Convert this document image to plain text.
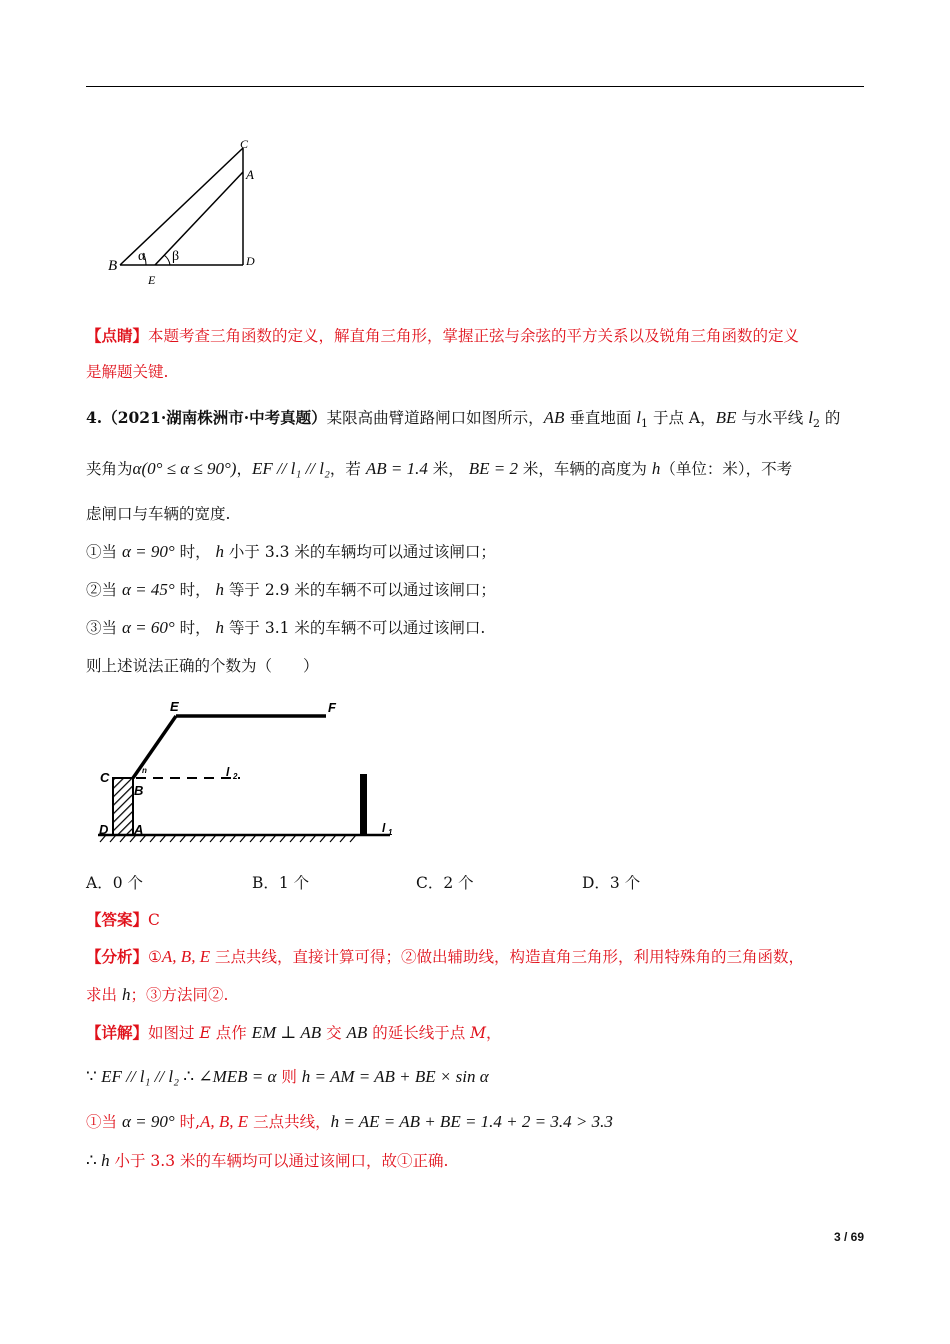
C
A
B	D
E
α β
【点睛】本题考查三角函数的定义，解直角三角形，掌握正弦与余弦的平方关系以及锐角三角函数的定义
是解题关键.
4.（2021·湖南株洲市·中考真题）某限高曲臂道路闸口如图所示，AB 垂直地面 $l_1$ 于点 A，BE 与水平线 $l_2$ 的
夹角为α(0° ≤ α ≤ 90°)，EF // l₁ // l₂，若 AB = 1.4 米， BE = 2 米，车辆的高度为 h（单位：米），不考
虑闸口与车辆的宽度.
①当 α = 90° 时， h 小于 3.3 米的车辆均可以通过该闸口；
②当 α = 45° 时， h 等于 2.9 米的车辆不可以通过该闸口；
③当 α = 60° 时， h 等于 3.1 米的车辆不可以通过该闸口.
则上述说法正确的个数为（　　）
E	F
C
B
D A
l 2
l 1
n
A．0 个	B．1 个	C．2 个	D．3 个
【答案】C
【分析】①A, B, E 三点共线，直接计算可得；②做出辅助线，构造直角三角形，利用特殊角的三角函数，
求出 h；③方法同②.
【详解】如图过 E 点作 EM ⊥ AB 交 AB 的延长线于点 M，
∵ EF // l₁ // l₂ ∴ ∠MEB = α 则 h = AM = AB + BE × sin α
①当 α = 90° 时,A, B, E 三点共线，h = AE = AB + BE = 1.4 + 2 = 3.4 > 3.3
∴ h 小于 3.3 米的车辆均可以通过该闸口，故①正确.
3 / 69
